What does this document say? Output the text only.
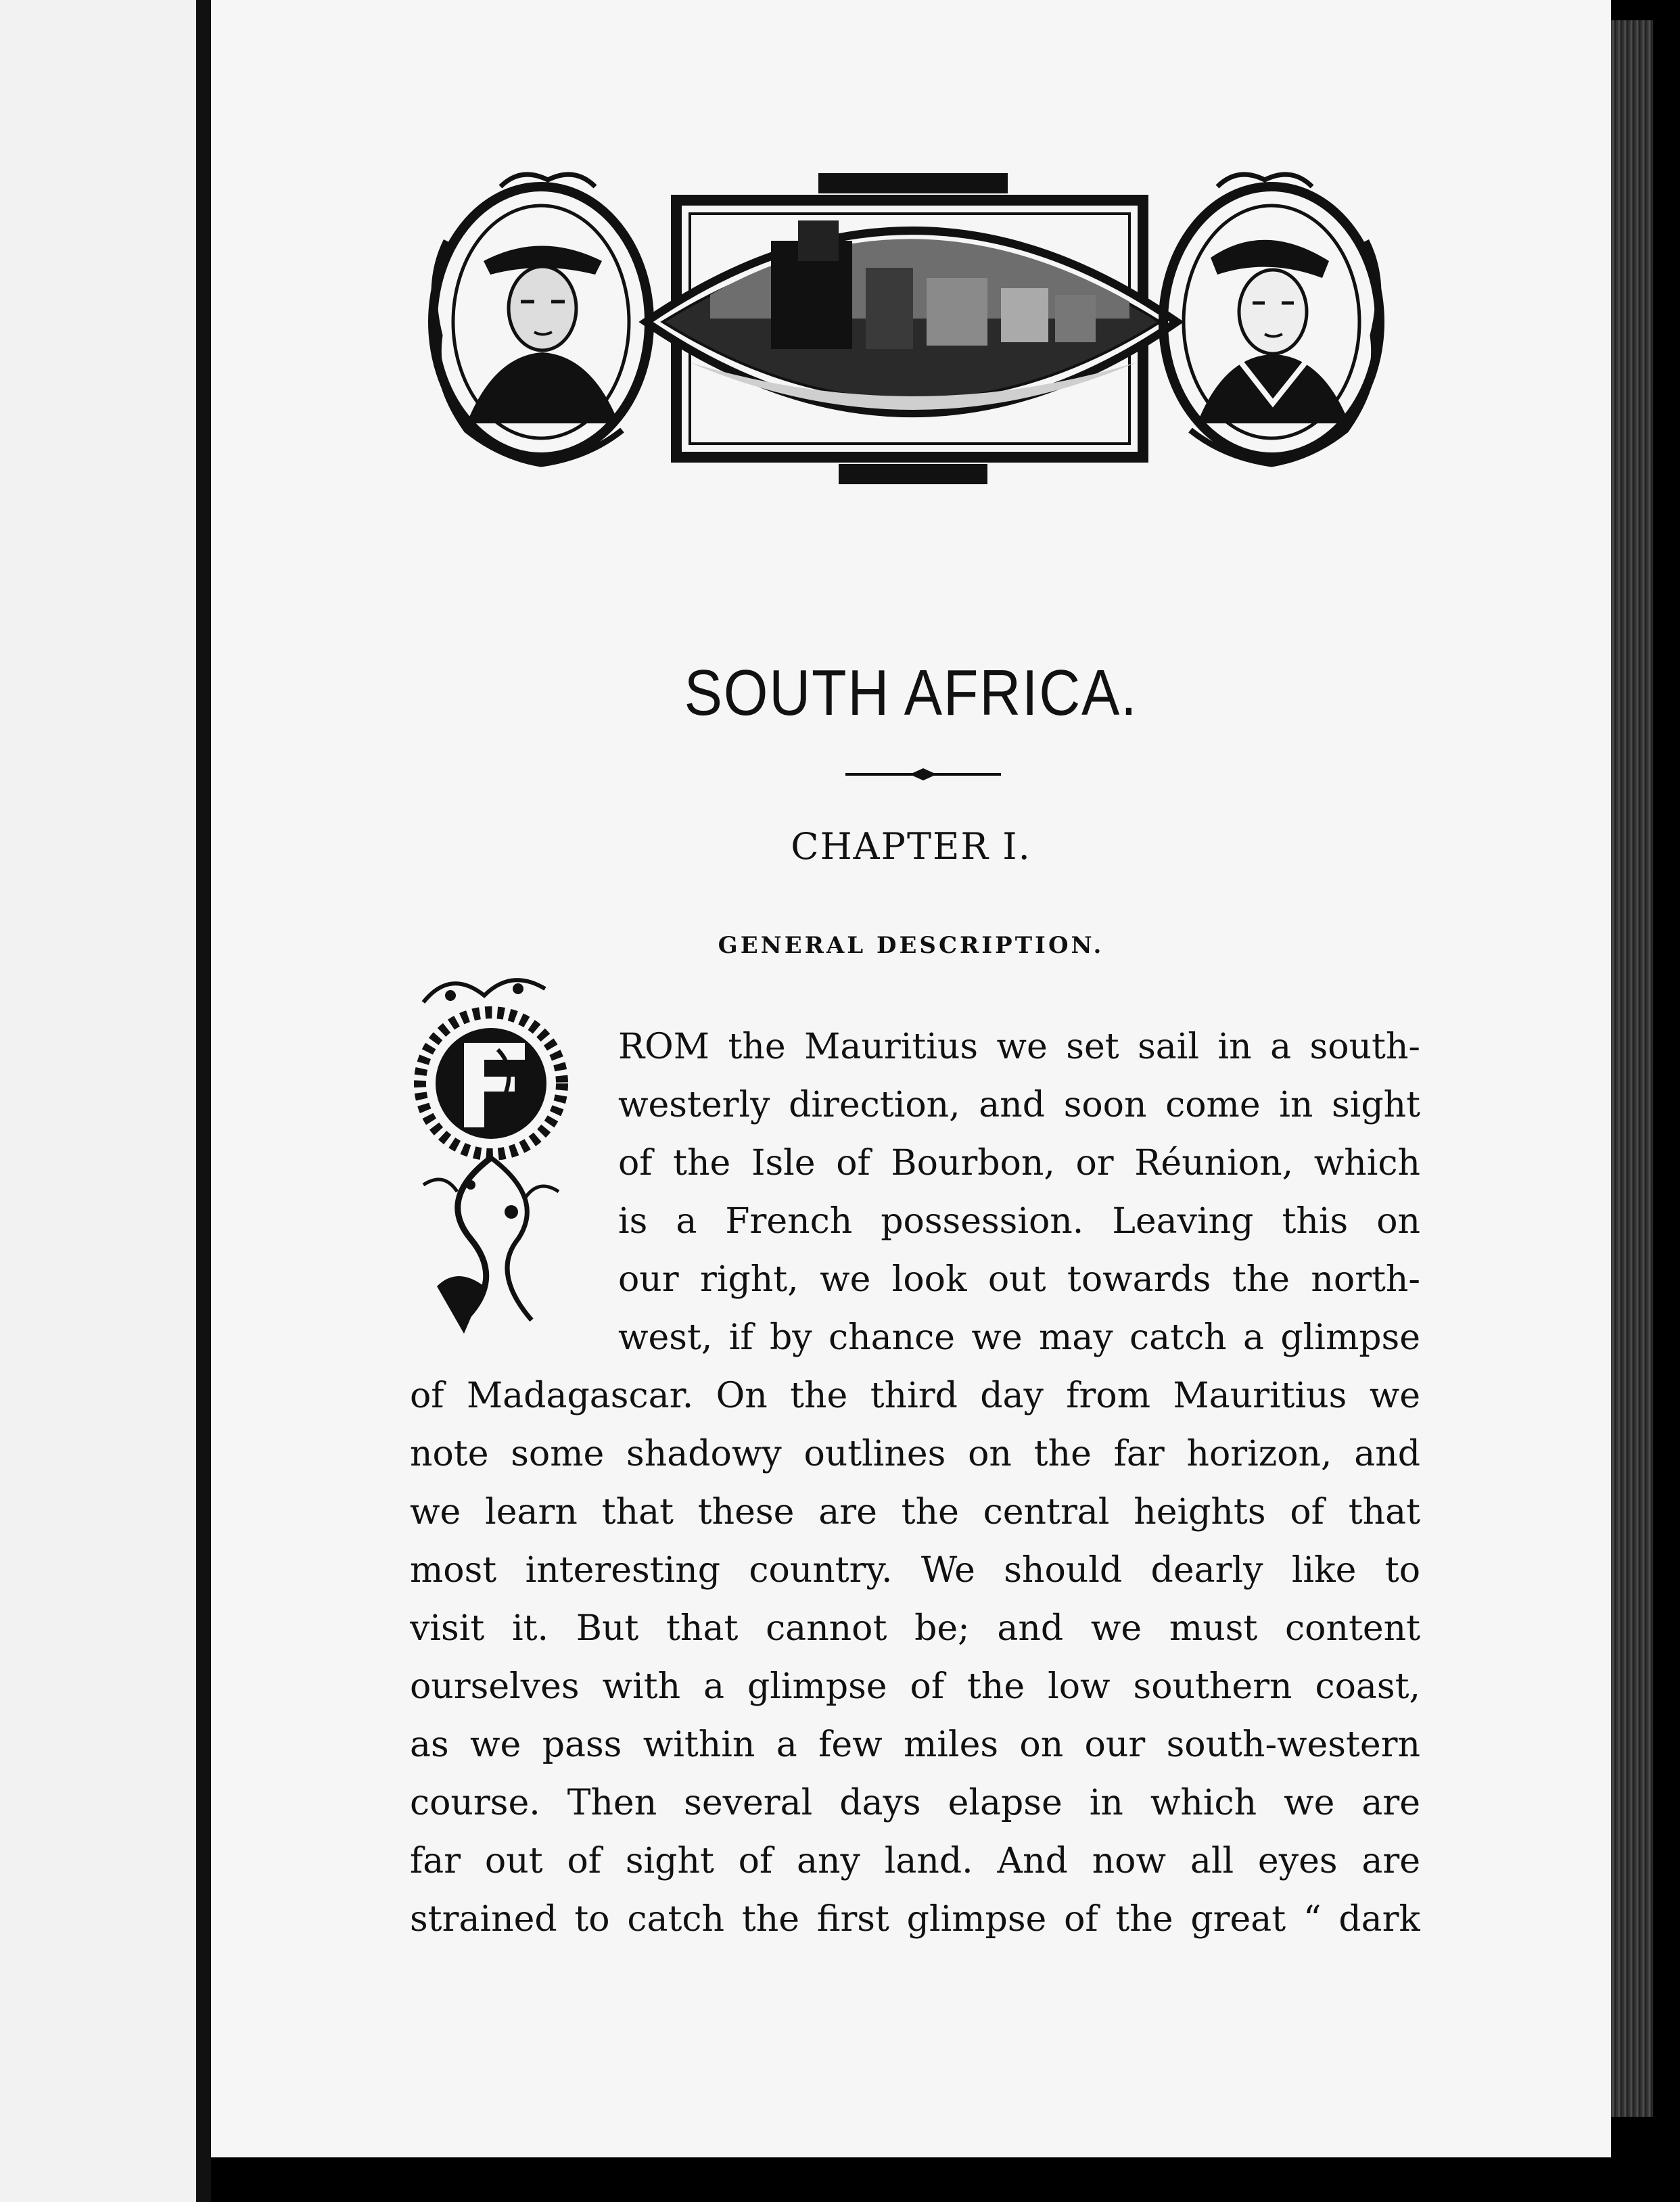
SOUTH AFRICA.
CHAPTER I.
GENERAL DESCRIPTION.
ROM the Mauritius we set sail in a south-
westerly direction, and soon come in sight
of the Isle of Bourbon, or Réunion, which
is a French possession. Leaving this on
our right, we look out towards the north-
west, if by chance we may catch a glimpse
of Madagascar. On the third day from Mauritius we
note some shadowy outlines on the far horizon, and
we learn that these are the central heights of that
most interesting country. We should dearly like to
visit it. But that cannot be; and we must content
ourselves with a glimpse of the low southern coast,
as we pass within a few miles on our south-western
course. Then several days elapse in which we are
far out of sight of any land. And now all eyes are
strained to catch the first glimpse of the great “ dark
